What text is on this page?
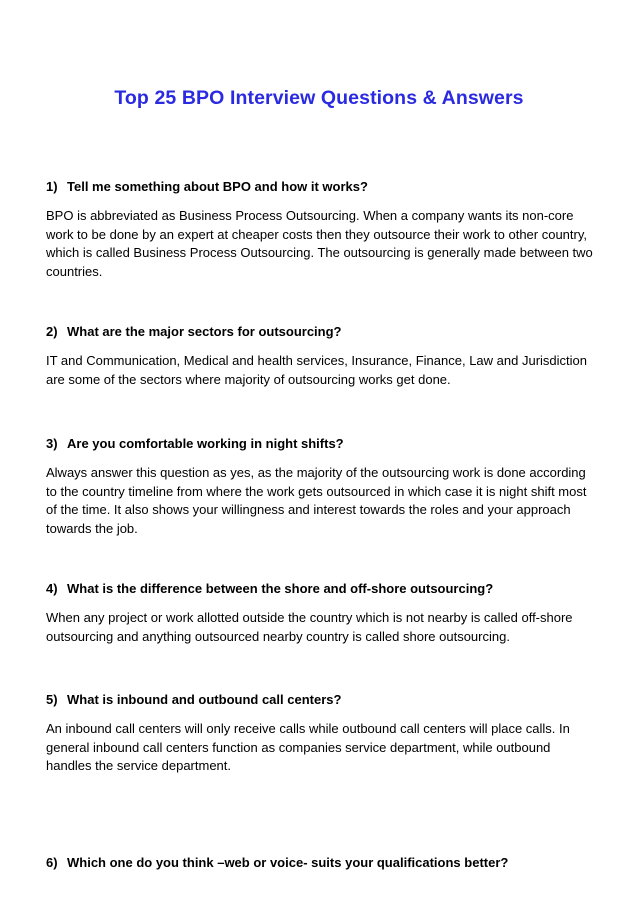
Top 25 BPO Interview Questions & Answers

1) Tell me something about BPO and how it works?

BPO is abbreviated as Business Process Outsourcing. When a company wants its non-core work to be done by an expert at cheaper costs then they outsource their work to other country, which is called Business Process Outsourcing. The outsourcing is generally made between two countries.

2) What are the major sectors for outsourcing?

IT and Communication, Medical and health services, Insurance, Finance, Law and Jurisdiction are some of the sectors where majority of outsourcing works get done.

3) Are you comfortable working in night shifts?

Always answer this question as yes, as the majority of the outsourcing work is done according to the country timeline from where the work gets outsourced in which case it is night shift most of the time. It also shows your willingness and interest towards the roles and your approach towards the job.

4) What is the difference between the shore and off-shore outsourcing?

When any project or work allotted outside the country which is not nearby is called off-shore outsourcing and anything outsourced nearby country is called shore outsourcing.

5) What is inbound and outbound call centers?

An inbound call centers will only receive calls while outbound call centers will place calls. In general inbound call centers function as companies service department, while outbound handles the service department.

6) Which one do you think –web or voice- suits your qualifications better?
